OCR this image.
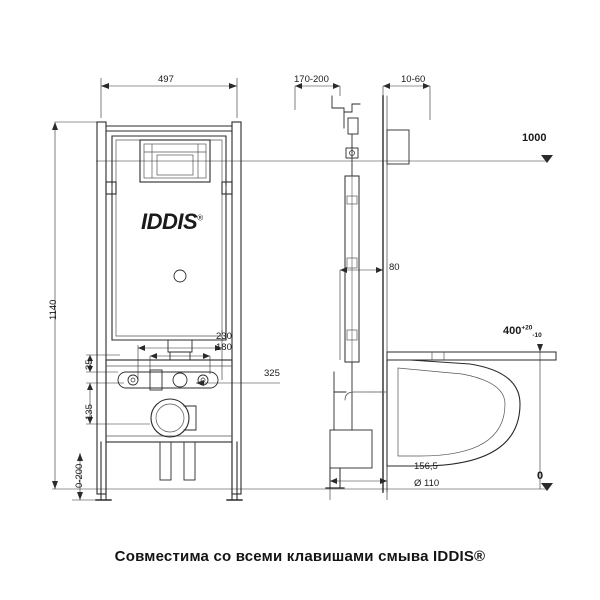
497	170-200	10-60
1000
0
1140
0-200
35
135
230
180
325
80
156,5
Ø 110
$400^{+20}_{-10}$
IDDIS®
Совместима со всеми клавишами смыва IDDIS®
